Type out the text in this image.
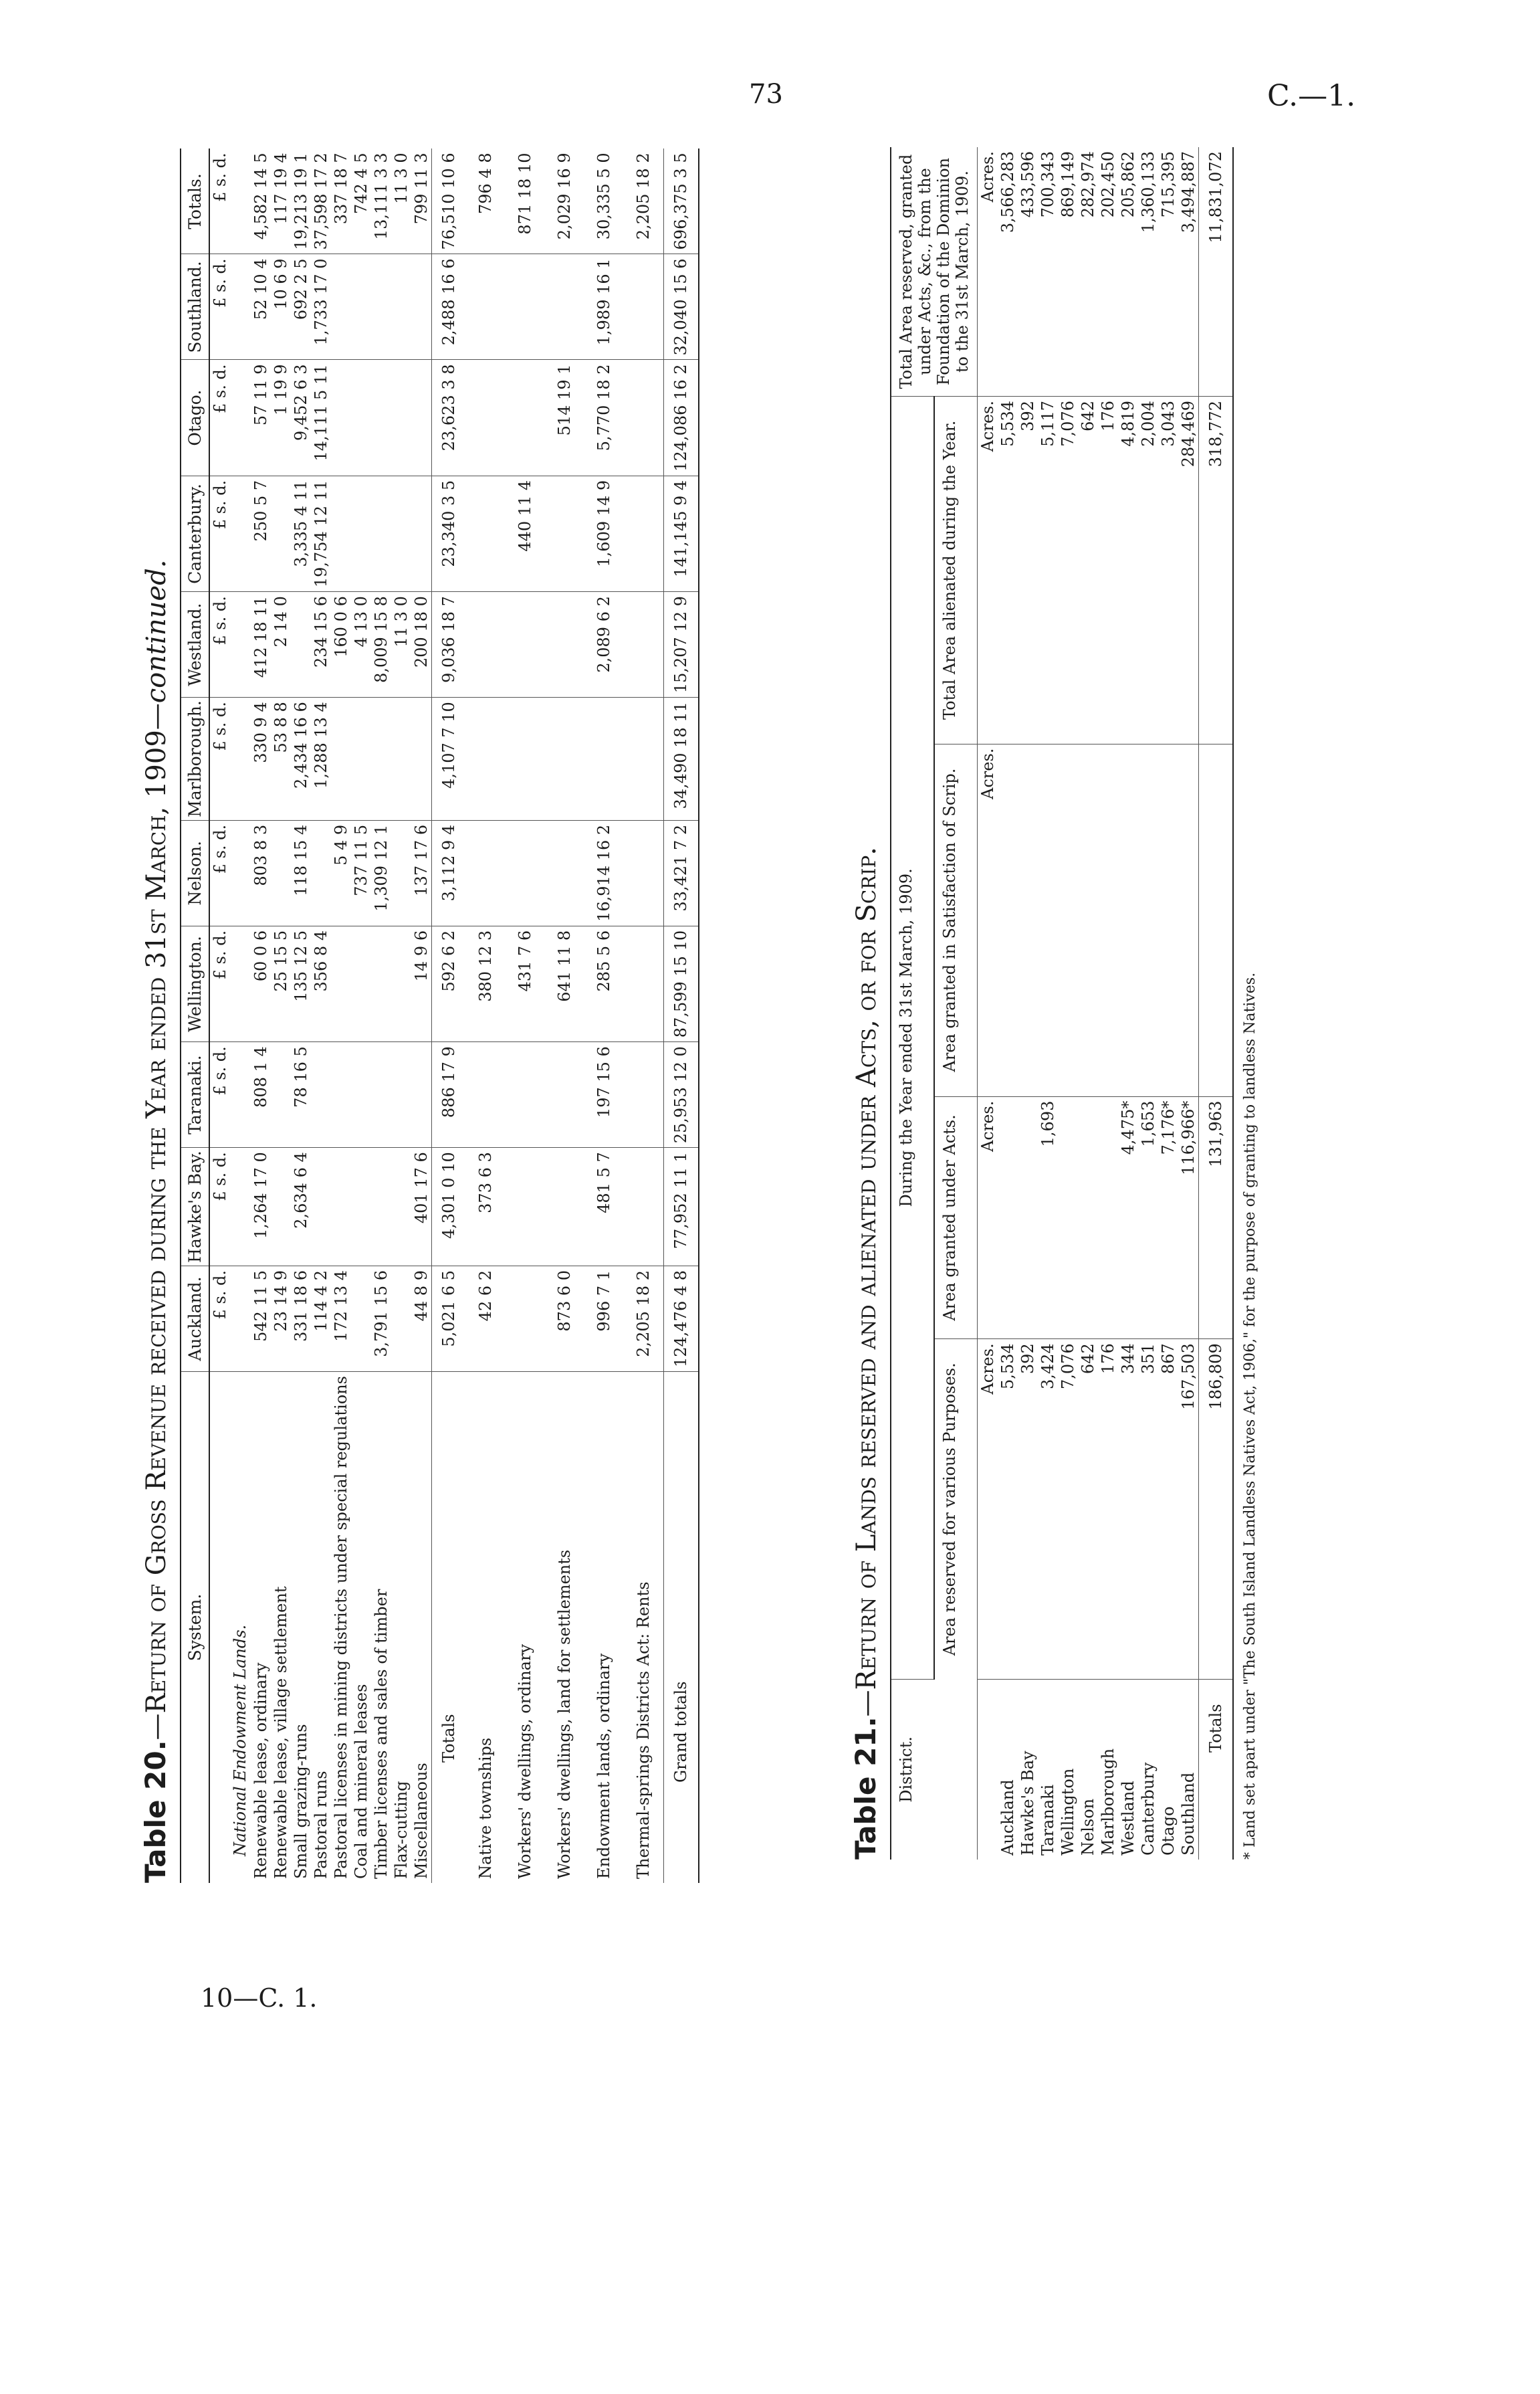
73	C.—1.
10—C. 1.
Table 20.—Return of Gross Revenue received during the Year ended 31st March, 1909—continued.
System.	Auckland.	Hawke's Bay.	Taranaki.	Wellington.	Nelson.	Marlborough.	Westland.	Canterbury.	Otago.	Southland.	Totals.
	£ s. d.	£ s. d.	£ s. d.	£ s. d.	£ s. d.	£ s. d.	£ s. d.	£ s. d.	£ s. d.	£ s. d.	£ s. d.
National Endowment Lands.											
Renewable lease, ordinary	542 11 5	1,264 17 0	808 1 4	60 0 6	803 8 3	330 9 4	412 18 11	250 5 7	57 11 9	52 10 4	4,582 14 5
Renewable lease, village settlement	23 14 9			25 15 5		53 8 8	2 14 0		1 19 9	10 6 9	117 19 4
Small grazing-runs	331 18 6	2,634 6 4	78 16 5	135 12 5	118 15 4	2,434 16 6		3,335 4 11	9,452 6 3	692 2 5	19,213 19 1
Pastoral runs	114 4 2			356 8 4		1,288 13 4	234 15 6	19,754 12 11	14,111 5 11	1,733 17 0	37,598 17 2
Pastoral licenses in mining districts under special regulations	172 13 4				5 4 9		160 0 6				337 18 7
Coal and mineral leases					737 11 5		4 13 0				742 4 5
Timber licenses and sales of timber	3,791 15 6				1,309 12 1		8,009 15 8				13,111 3 3
Flax-cutting							11 3 0				11 3 0
Miscellaneous	44 8 9	401 17 6		14 9 6	137 17 6		200 18 0				799 11 3
Totals	5,021 6 5	4,301 0 10	886 17 9	592 6 2	3,112 9 4	4,107 7 10	9,036 18 7	23,340 3 5	23,623 3 8	2,488 16 6	76,510 10 6
Native townships	42 6 2	373 6 3		380 12 3							796 4 8
Workers' dwellings, ordinary				431 7 6				440 11 4			871 18 10
Workers' dwellings, land for settlements	873 6 0			641 11 8					514 19 1		2,029 16 9
Endowment lands, ordinary	996 7 1	481 5 7	197 15 6	285 5 6	16,914 16 2		2,089 6 2	1,609 14 9	5,770 18 2	1,989 16 1	30,335 5 0
Thermal-springs Districts Act: Rents	2,205 18 2										2,205 18 2
Grand totals	124,476 4 8	77,952 11 1	25,953 12 0	87,599 15 10	33,421 7 2	34,490 18 11	15,207 12 9	141,145 9 4	124,086 16 2	32,040 15 6	696,375 3 5
Table 21.—Return of Lands reserved and alienated under Acts, or for Scrip.
District.	During the Year ended 31st March, 1909.				Total Area reserved, granted under Acts, &c., from the Foundation of the Dominion to the 31st March, 1909.
	Area reserved for various Purposes.	Area granted under Acts.	Area granted in Satisfaction of Scrip.	Total Area alienated during the Year.	
	Acres.	Acres.	Acres.	Acres.	Acres.
Auckland	5,534			5,534	3,566,283
Hawke's Bay	392			392	433,596
Taranaki	3,424	1,693		5,117	700,343
Wellington	7,076			7,076	869,149
Nelson	642			642	282,974
Marlborough	176			176	202,450
Westland	344	4,475*		4,819	205,862
Canterbury	351	1,653		2,004	1,360,133
Otago	867	7,176*		3,043	715,395
Southland	167,503	116,966*		284,469	3,494,887
Totals	186,809	131,963		318,772	11,831,072
* Land set apart under "The South Island Landless Natives Act, 1906," for the purpose of granting to landless Natives.
